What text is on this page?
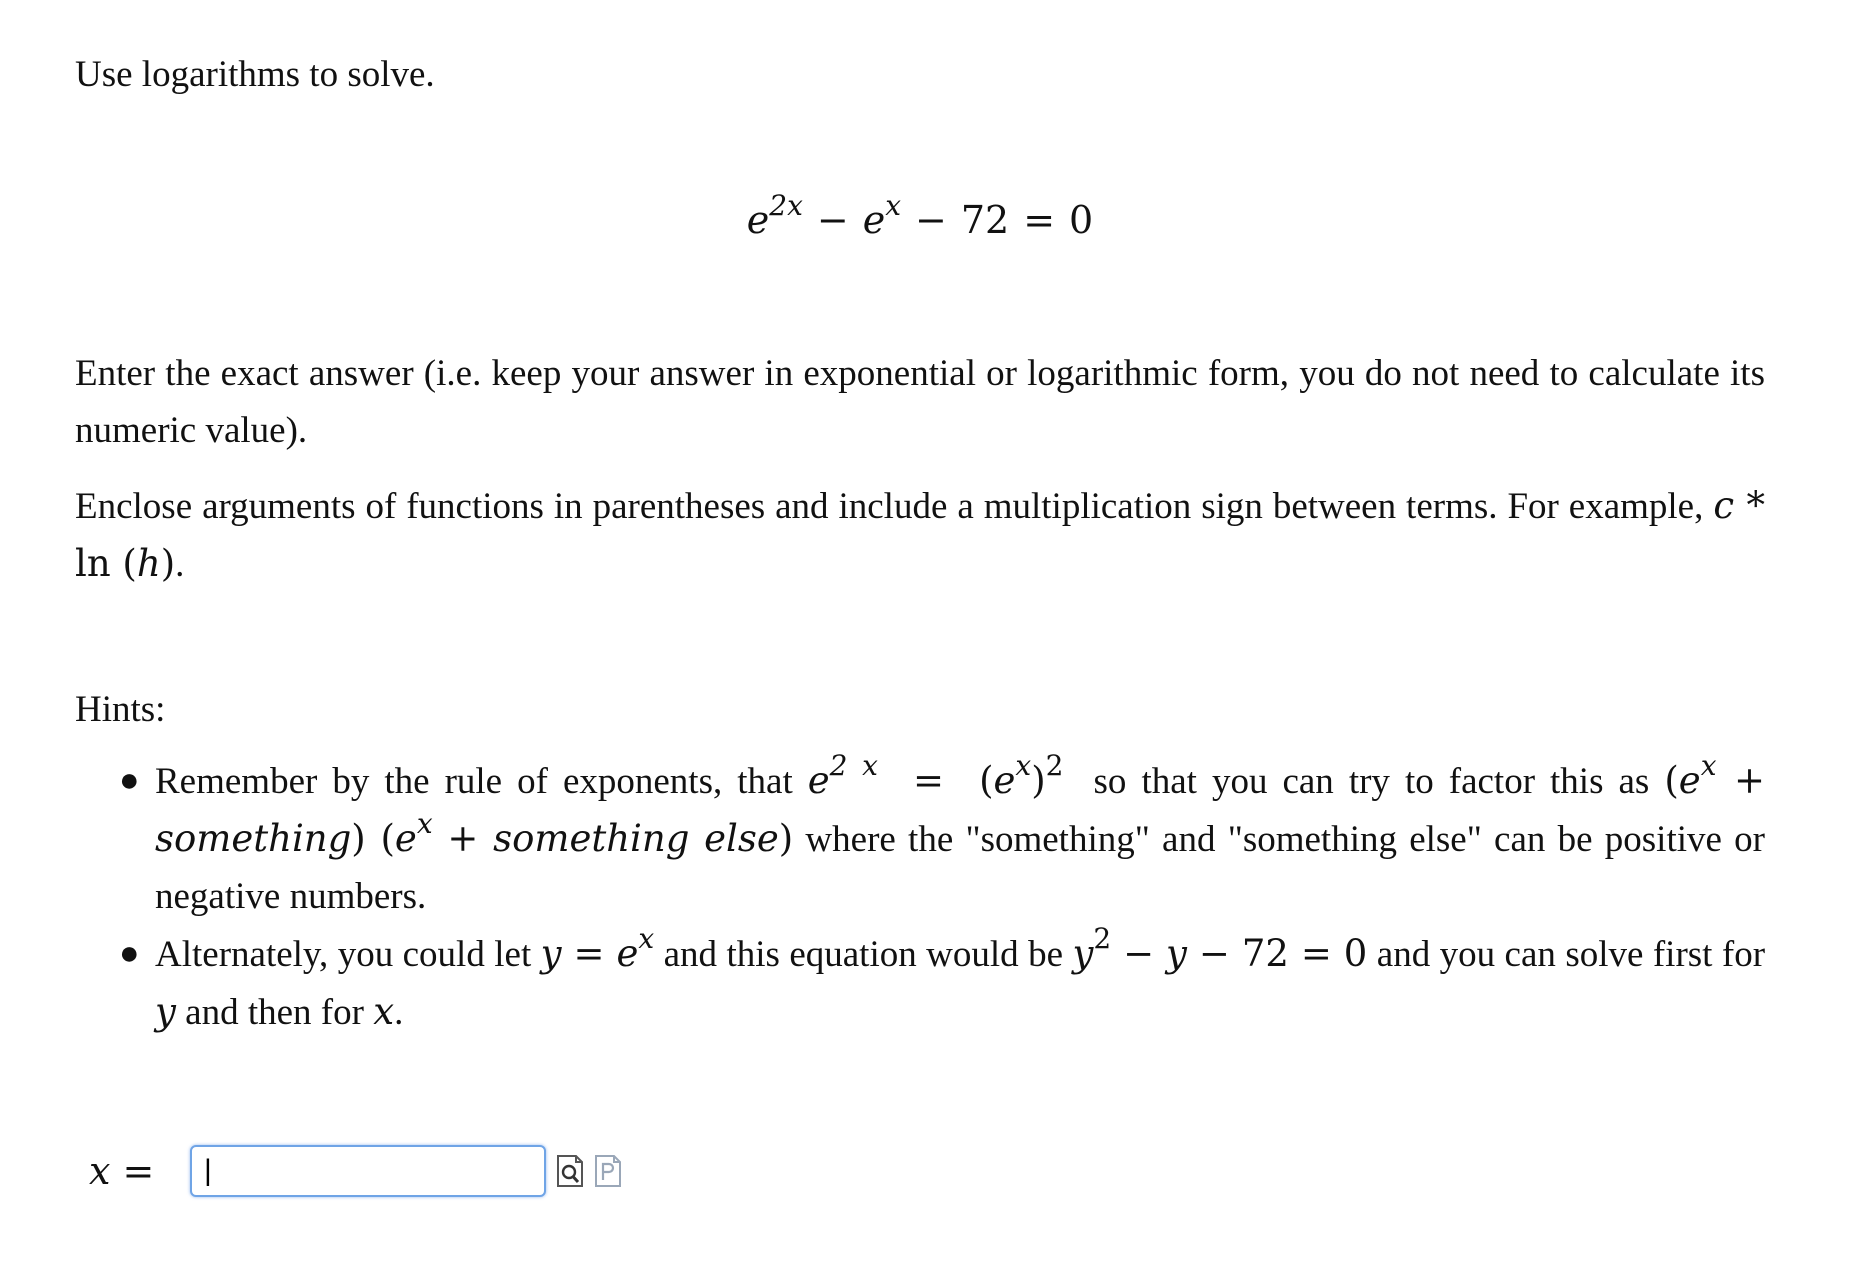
Use logarithms to solve.

$e^{2x} - e^x - 72 = 0$

Enter the exact answer (i.e. keep your answer in exponential or logarithmic form, you do not need to calculate its numeric value).

Enclose arguments of functions in parentheses and include a multiplication sign between terms. For example, c * ln (h).

Hints:

● Remember by the rule of exponents, that $e^{2 x} = (e^x)^2$ so that you can try to factor this as ($e^x$ + something) ($e^x$ + something else) where the "something" and "something else" can be positive or negative numbers.
● Alternately, you could let $y = e^x$ and this equation would be $y^2 - y - 72 = 0$ and you can solve first for y and then for x.
x =
|
